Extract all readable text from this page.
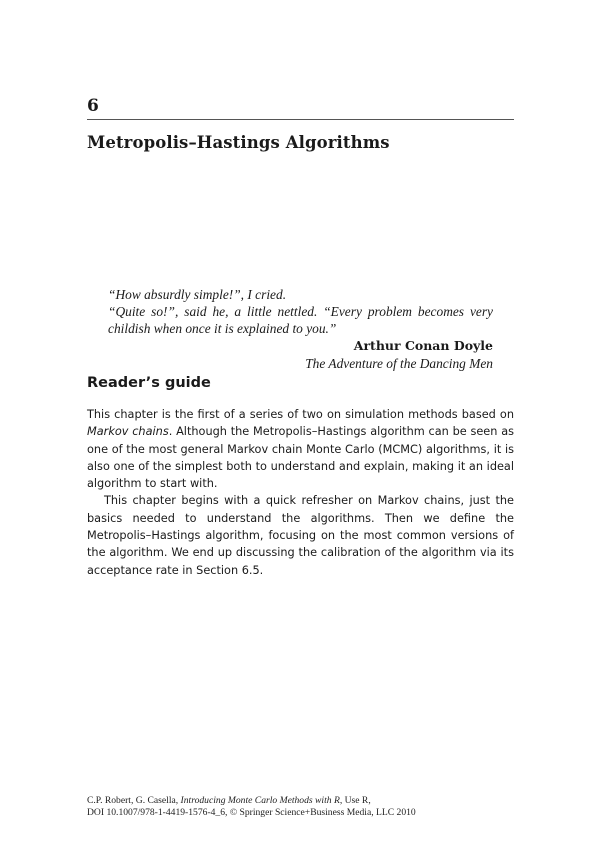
6
Metropolis–Hastings Algorithms

“How absurdly simple!”, I cried.

“Quite so!”, said he, a little nettled. “Every problem becomes very childish when once it is explained to you.”

Arthur Conan Doyle

The Adventure of the Dancing Men

Reader’s guide

This chapter is the first of a series of two on simulation methods based on Markov chains. Although the Metropolis–Hastings algorithm can be seen as one of the most general Markov chain Monte Carlo (MCMC) algorithms, it is also one of the simplest both to understand and explain, making it an ideal algorithm to start with.

This chapter begins with a quick refresher on Markov chains, just the basics needed to understand the algorithms. Then we define the Metropolis–Hastings algorithm, focusing on the most common versions of the algorithm. We end up discussing the calibration of the algorithm via its acceptance rate in Section 6.5.

C.P. Robert, G. Casella, Introducing Monte Carlo Methods with R, Use R,
DOI 10.1007/978-1-4419-1576-4_6, © Springer Science+Business Media, LLC 2010
